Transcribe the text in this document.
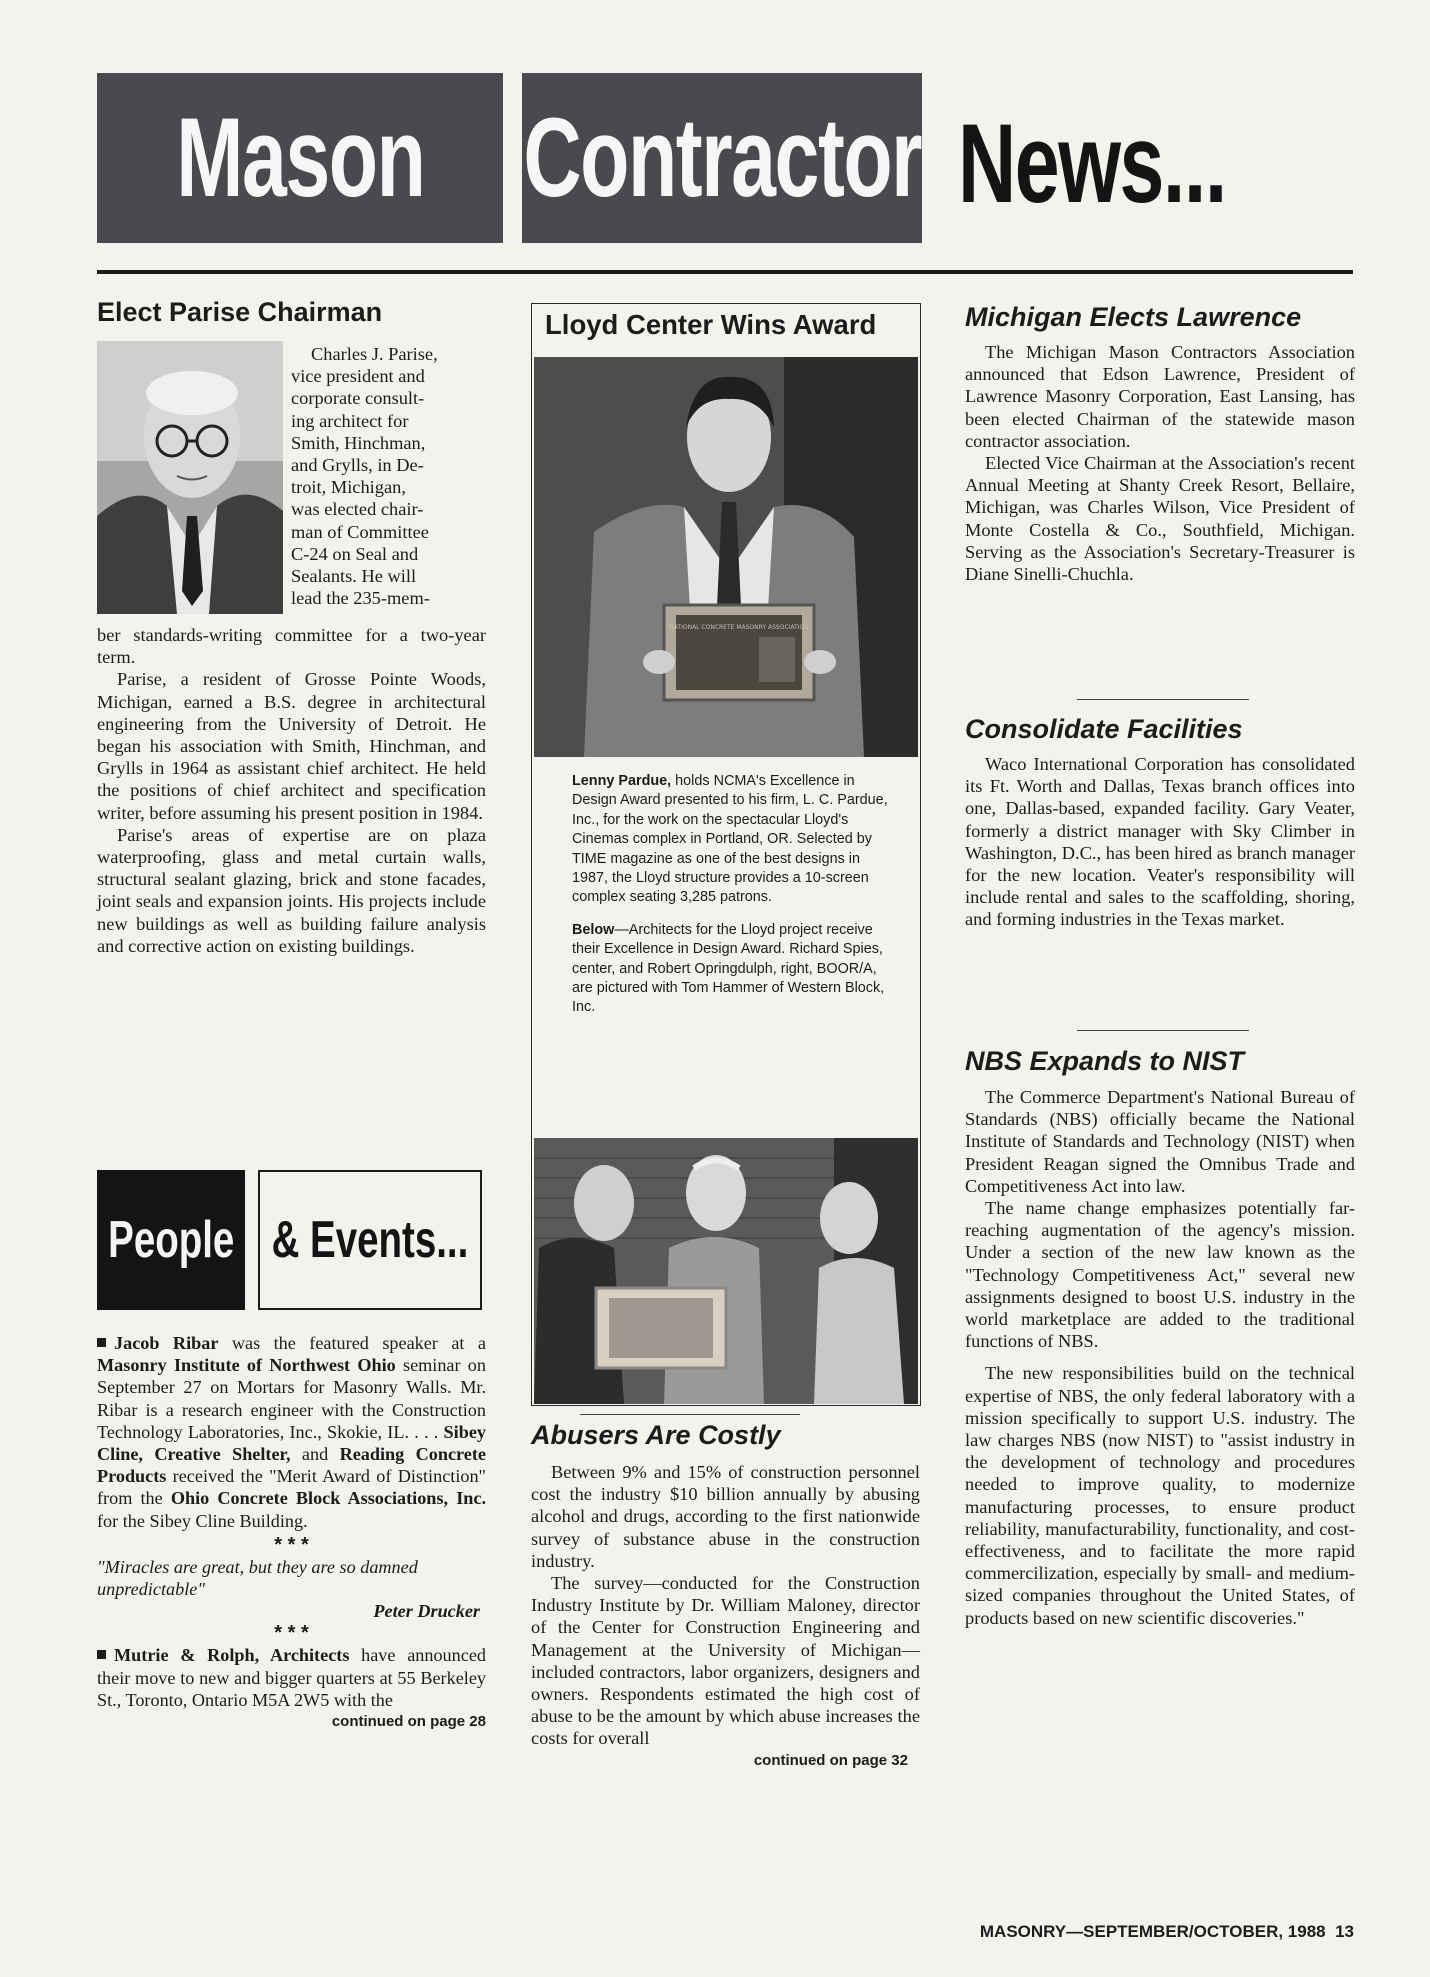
Mason Contractor News...
Elect Parise Chairman
Charles J. Parise,
vice president and
corporate consult-
ing architect for
Smith, Hinchman,
and Grylls, in De-
troit, Michigan,
was elected chair-
man of Committee
C-24 on Seal and
Sealants. He will
lead the 235-mem-

ber standards-writing committee for a two-year term.

Parise, a resident of Grosse Pointe Woods, Michigan, earned a B.S. degree in architectural engineering from the University of Detroit. He began his association with Smith, Hinchman, and Grylls in 1964 as assistant chief architect. He held the positions of chief architect and specification writer, before assuming his present position in 1984.

Parise's areas of expertise are on plaza waterproofing, glass and metal curtain walls, structural sealant glazing, brick and stone facades, joint seals and expansion joints. His projects include new buildings as well as building failure analysis and corrective action on existing buildings.

People & Events...

Jacob Ribar was the featured speaker at a Masonry Institute of Northwest Ohio seminar on September 27 on Mortars for Masonry Walls. Mr. Ribar is a research engineer with the Construction Technology Laboratories, Inc., Skokie, IL. . . . Sibey Cline, Creative Shelter, and Reading Concrete Products received the "Merit Award of Distinction" from the Ohio Concrete Block Associations, Inc. for the Sibey Cline Building.

* * *

"Miracles are great, but they are so damned unpredictable"

Peter Drucker
* * *

Mutrie & Rolph, Architects have announced their move to new and bigger quarters at 55 Berkeley St., Toronto, Ontario M5A 2W5 with the

continued on page 28
Lloyd Center Wins Award
NATIONAL CONCRETE MASONRY ASSOCIATION

Lenny Pardue, holds NCMA's Excellence in Design Award presented to his firm, L. C. Pardue, Inc., for the work on the spectacular Lloyd's Cinemas complex in Portland, OR. Selected by TIME magazine as one of the best designs in 1987, the Lloyd structure provides a 10-screen complex seating 3,285 patrons.

Below—Architects for the Lloyd project receive their Excellence in Design Award. Richard Spies, center, and Robert Opringdulph, right, BOOR/A, are pictured with Tom Hammer of Western Block, Inc.

Abusers Are Costly

Between 9% and 15% of construction personnel cost the industry $10 billion annually by abusing alcohol and drugs, according to the first nationwide survey of substance abuse in the construction industry.

The survey—conducted for the Construction Industry Institute by Dr. William Maloney, director of the Center for Construction Engineering and Management at the University of Michigan—included contractors, labor organizers, designers and owners. Respondents estimated the high cost of abuse to be the amount by which abuse increases the costs for overall

continued on page 32
Michigan Elects Lawrence

The Michigan Mason Contractors Association announced that Edson Lawrence, President of Lawrence Masonry Corporation, East Lansing, has been elected Chairman of the statewide mason contractor association.

Elected Vice Chairman at the Association's recent Annual Meeting at Shanty Creek Resort, Bellaire, Michigan, was Charles Wilson, Vice President of Monte Costella & Co., Southfield, Michigan. Serving as the Association's Secretary-Treasurer is Diane Sinelli-Chuchla.

Consolidate Facilities

Waco International Corporation has consolidated its Ft. Worth and Dallas, Texas branch offices into one, Dallas-based, expanded facility. Gary Veater, formerly a district manager with Sky Climber in Washington, D.C., has been hired as branch manager for the new location. Veater's responsibility will include rental and sales to the scaffolding, shoring, and forming industries in the Texas market.

NBS Expands to NIST

The Commerce Department's National Bureau of Standards (NBS) officially became the National Institute of Standards and Technology (NIST) when President Reagan signed the Omnibus Trade and Competitiveness Act into law.

The name change emphasizes potentially far-reaching augmentation of the agency's mission. Under a section of the new law known as the "Technology Competitiveness Act," several new assignments designed to boost U.S. industry in the world marketplace are added to the traditional functions of NBS.

The new responsibilities build on the technical expertise of NBS, the only federal laboratory with a mission specifically to support U.S. industry. The law charges NBS (now NIST) to "assist industry in the development of technology and procedures needed to improve quality, to modernize manufacturing processes, to ensure product reliability, manufacturability, functionality, and cost-effectiveness, and to facilitate the more rapid commercilization, especially by small- and medium-sized companies throughout the United States, of products based on new scientific discoveries."

MASONRY—SEPTEMBER/OCTOBER, 1988 13
